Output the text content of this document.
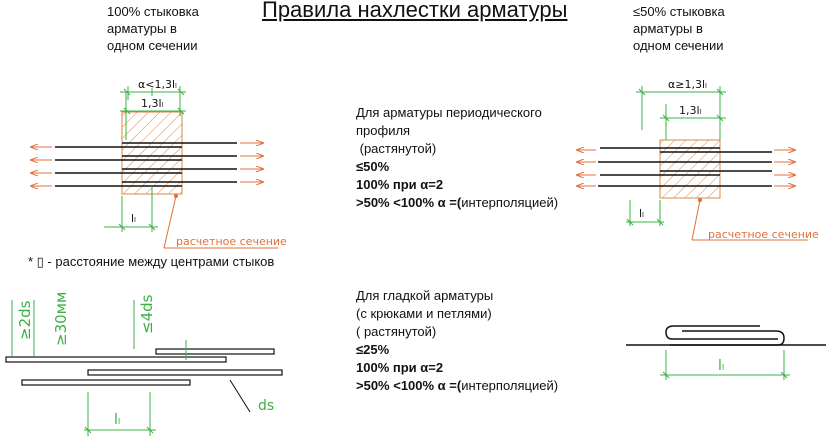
Правила нахлестки арматуры
100% стыковка
арматуры в
одном сечении
≤50% стыковка
арматуры в
одном сечении
Для арматуры периодического
профиля
(растянутой)
≤50%
100% при α=2
>50% <100% α =(интерполяцией)
Для гладкой арматуры
(с крюками и петлями)
( растянутой)
≤25%
100% при α=2
>50% <100% α =(интерполяцией)
* ▯ - расстояние между центрами стыков
α<1,3lₗ
1,3lₗ
lₗ
расчетное сечение
α≥1,3lₗ
1,3lₗ
lₗ
расчетное сечение
≥2ds ≥30мм	≤4ds
lₗ
ds
lₗ
